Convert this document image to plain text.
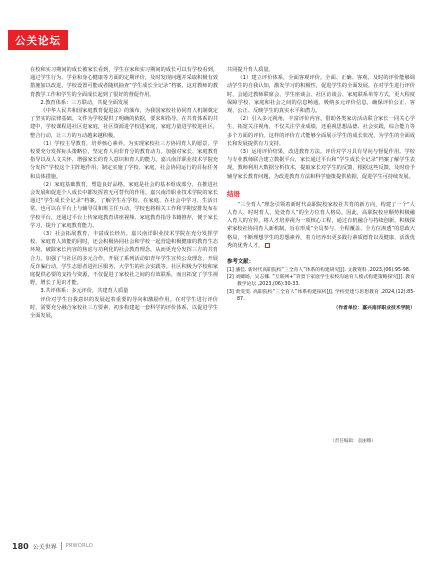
公关论坛

在校和实习期间的成长被家长看到，学生在家和实习期间的成长可以有学校看到。通过学生行为、学业和身心健康等方面的定期评价，及时发现问题并采取积极有效措施加以改进。学校设置可能或者随机抽查“学生成长全记录”档案，这对教师的教育教学工作和学生的全面成长起到了很好的督促作用。

2.教育体系：三方联动，共促全面发展

《中华人民共和国家庭教育促进法》的颁布，为我国家校社协同育人机制奠定了坚实的法律基础。文件为学校提供了明确的依据，要求和指导。在共育体系的共建中，学校课程进社区进家庭，社区资源进学校进家庭，家庭力量进学校进社区，整合行动，让三方的互动越来越积极。

（1）学校主导教育，培养核心素养。为实现家校社三方协同育人的愿景，学校要充分发挥标头策略位，坚定育人向非育分的教育动力。加强对家长、家庭教育指导以及人文关怀，增强家长的育人意识和育人的能力。嘉兴南洋职业技术学院充分发挥“学校这个主阵地作用，制定实施了学校、家庭、社会协同运行的目标任务和具体措施。

（2）家庭基础教育，塑造良好品格。家庭是社会的基本组成部分，在推进社会发展和促进个人成长中都发挥着无可替代的作用。嘉兴南洋职业技术学院的家长通过“学生成长全记录”档案，了解学生在学校、在家庭、在社会中学习、生活日常，也可以在平台上与辅导员和班主任互动，学校也将相关工作和学期安排发布在学校平台，还通过平台上传家庭教育讲座视频、家庭教育指导书籍推荐，便于家长学习，提升了家庭教育能力。

（3）社会拓展教育，丰富成长经历。嘉兴南洋职业技术学院在充分发挥学校、家庭育人效能的同时，还会积极协同社会和学校一起营造积极健康的教育生态环境，破除家长内容的焦虑与功利化的社会教育理念。从而更充分发挥三方的共育合力。加强了与社区的多元合作，开展了系列活动如青年学生宣传公众理念，开展反诈骗行动，学生志愿者进社区服务，大学生的社会实践等。社区积极为学校和家庭提供必要的支持与资源，不仅促进了家校社之间的有效联系，而且拓宽了学生视野，增长了见识才能。

3.共评体系：多元评价，共建育人质量

评价对学生自我意识的发展起着重要的导向和激励作用。在对学生进行评价时，需要充分融合家校社三方要素，初步构建起一套科学的评价体系，以促进学生全面发展，

共同提升育人质量。

（1）建立评价体系，全面客观评价。全面、正确、客观、及时的评价能够调动学生的自我认知，激发学习的积极性，促进学生的全面发展。在对学生进行评价时，会通过教师联席会、学生座谈会、社区访谈会、家庭联系单等方式，更大程度保障学校、家庭和社会之间的信息畅通。吸纳多元评价信息，确保评价公正、客观、公正、反映学生的真实水平和潜力。

（2）引入多元视角，丰富评价内容。借助各类家访活动联合家长一同关心学生，拓宽关注视角，不仅关注学业成绩，还重视思想品德、社会实践，综合能力等多个方面的评价。这样的评价方式能够全面展示学生的成长状况，为学生的全面成长和发展提供有力支持。

（3）运用评价结果，改进教育方法。评价对学习具有导向与督促作用。学校与专业教师联合建立数据平台，家长通过平台和“学生成长全记录”档案了解学生表现。教师利用大数据分析技术，提取家长对学生的反馈，根据这些反馈，及时给予辅导家长教育问题，为改进教育方法和科学施策提供依据，促进学生可持续发展。

结语

“三全育人”理念引领着新时代高职院校家校社共育的新方向，构建了一个“人人育人、时时育人、处处育人”的全方位育人格局。因此，高职院校应顺势积极融入育人的宣传，将人才培养视为一项核心工程，通过有机融合与持续创新，积极探索家校社协同育人新机制。旨在形成“全员参与、全程覆盖、全方位渗透”的思政大格局，不断理想学生的思想素养，着力培养出更多践行素质德育以及健康、活泼优秀的优秀人才。

参考文献：
[1] 潘佳. 新时代高职院校“三全育人”体系的构建研究[J]. 文教资料 ,2023,(06):95-98.
[2] 刘卿旸，吴志娜. “互联网+”背景下家庭学生家校沟通育人模式构建策略探究[J]. 教育教学论坛 ,2023,(06):30-33.
[3] 黄雯雯. 高职院校“三全育人”体系构建探析[J]. 学校党建与思想教育 ,2024,(12):85-87.
（作者单位：嘉兴南洋职业技术学院）
（责任编辑：袁丽娜）
180 公关世界 PRWORLD
